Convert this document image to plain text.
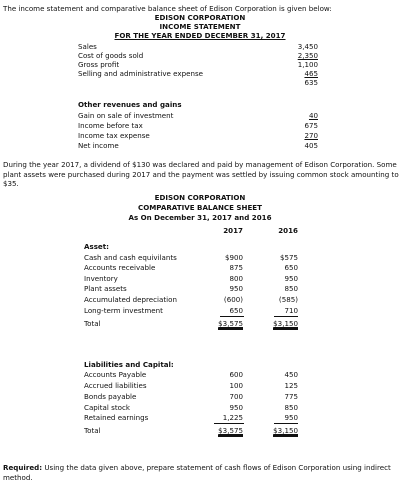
The income statement and comparative balance sheet of Edison Corporation is given below:
EDISON CORPORATION
INCOME STATEMENT
FOR THE YEAR ENDED DECEMBER 31, 2017
Sales	3,450
Cost of goods sold	2,350
Gross profit	1,100
Selling and administrative expense	465
635
Other revenues and gains
Gain on sale of investment	40
Income before tax	675
Income tax expense	270
Net income	405
During the year 2017, a dividend of $130 was declared and paid by management of Edison Corporation. Some plant assets were purchased during 2017 and the payment was settled by issuing common stock amounting to $35.
EDISON CORPORATION
COMPARATIVE BALANCE SHEET
As On December 31, 2017 and 2016
2017	2016
Asset:
Cash and cash equivilants	$900	$575
Accounts receivable	875	650
Inventory	800	950
Plant assets	950	850
Accumulated depreciation	(600)	(585)
Long-term investment	650	710
Total	$3,575	$3,150
Liabilities and Capital:
Accounts Payable	600	450
Accrued liabilities	100	125
Bonds payable	700	775
Capital stock	950	850
Retained earnings	1,225	950
Total	$3,575	$3,150
Required: Using the data given above, prepare statement of cash flows of Edison Corporation using indirect method.
